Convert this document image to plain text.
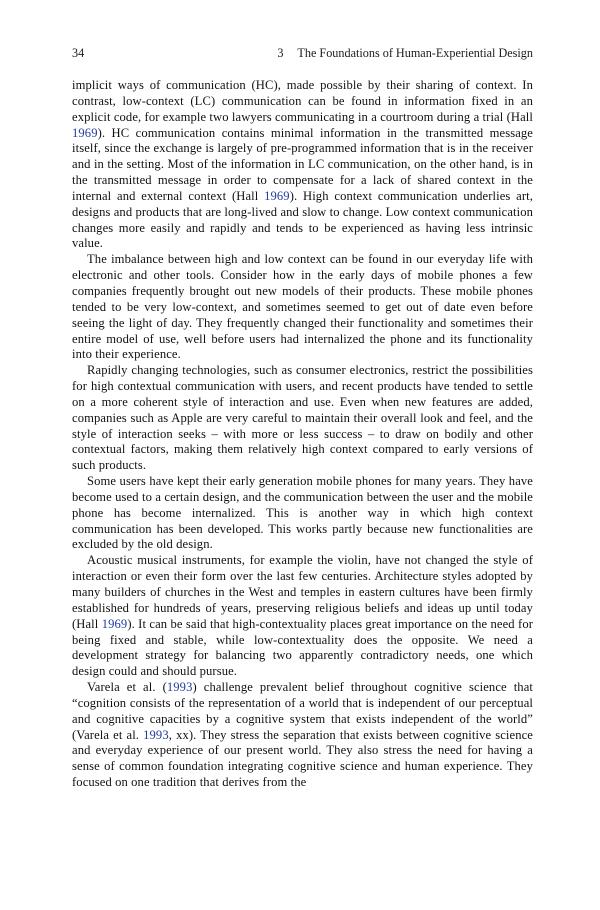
34	3 The Foundations of Human-Experiential Design

implicit ways of communication (HC), made possible by their sharing of context. In contrast, low-context (LC) communication can be found in information fixed in an explicit code, for example two lawyers communicating in a courtroom during a trial (Hall 1969). HC communication contains minimal information in the transmitted message itself, since the exchange is largely of pre-programmed information that is in the receiver and in the setting. Most of the information in LC communication, on the other hand, is in the transmitted message in order to compensate for a lack of shared context in the internal and external context (Hall 1969). High context communication underlies art, designs and products that are long-lived and slow to change. Low context communication changes more easily and rapidly and tends to be experienced as having less intrinsic value.

The imbalance between high and low context can be found in our everyday life with electronic and other tools. Consider how in the early days of mobile phones a few companies frequently brought out new models of their products. These mobile phones tended to be very low-context, and sometimes seemed to get out of date even before seeing the light of day. They frequently changed their functionality and sometimes their entire model of use, well before users had internalized the phone and its functionality into their experience.

Rapidly changing technologies, such as consumer electronics, restrict the possibilities for high contextual communication with users, and recent products have tended to settle on a more coherent style of interaction and use. Even when new features are added, companies such as Apple are very careful to maintain their overall look and feel, and the style of interaction seeks – with more or less success – to draw on bodily and other contextual factors, making them relatively high context compared to early versions of such products.

Some users have kept their early generation mobile phones for many years. They have become used to a certain design, and the communication between the user and the mobile phone has become internalized. This is another way in which high context communication has been developed. This works partly because new functionalities are excluded by the old design.

Acoustic musical instruments, for example the violin, have not changed the style of interaction or even their form over the last few centuries. Architecture styles adopted by many builders of churches in the West and temples in eastern cultures have been firmly established for hundreds of years, preserving religious beliefs and ideas up until today (Hall 1969). It can be said that high-contextuality places great importance on the need for being fixed and stable, while low-contextuality does the opposite. We need a development strategy for balancing two apparently contradictory needs, one which design could and should pursue.

Varela et al. (1993) challenge prevalent belief throughout cognitive science that “cognition consists of the representation of a world that is independent of our perceptual and cognitive capacities by a cognitive system that exists independent of the world” (Varela et al. 1993, xx). They stress the separation that exists between cognitive science and everyday experience of our present world. They also stress the need for having a sense of common foundation integrating cognitive science and human experience. They focused on one tradition that derives from the
